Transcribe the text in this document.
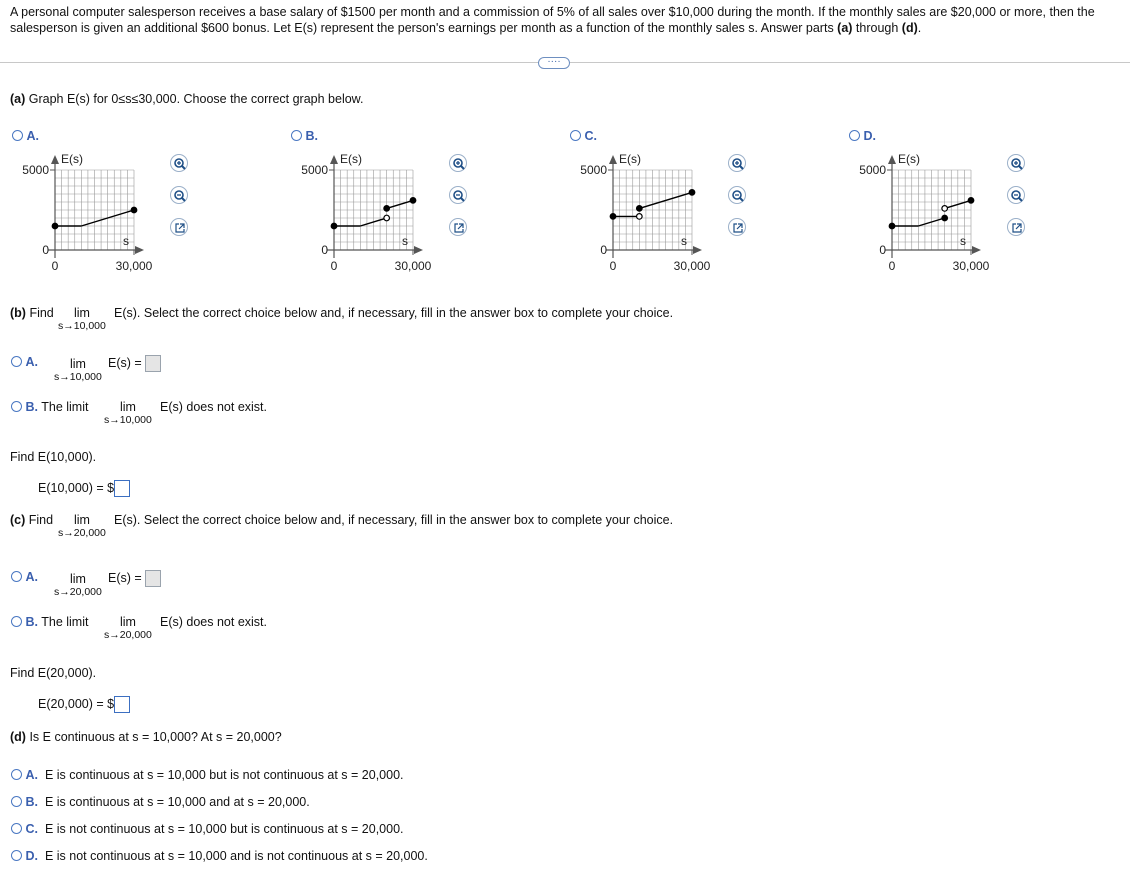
A personal computer salesperson receives a base salary of $1500 per month and a commission of 5% of all sales over $10,000 during the month. If the monthly sales are $20,000 or more, then the salesperson is given an additional $600 bonus. Let E(s) represent the person's earnings per month as a function of the monthly sales s. Answer parts (a) through (d).
····
(a) Graph E(s) for 0≤s≤30,000. Choose the correct graph below.
A.
E(s)
5000
0
0	30,000
s
B.
E(s)
5000
0
0	30,000
s
C.
E(s)
5000
0
0	30,000
s
D.
E(s)
5000
0
0	30,000
s
(b) Find	lim
s→10,000
E(s). Select the correct choice below and, if necessary, fill in the answer box to complete your choice.
A.	lim
s→10,000
E(s) =
B. The limit	lim
s→10,000
E(s) does not exist.
Find E(10,000).
E(10,000) = $
(c) Find	lim
s→20,000
E(s). Select the correct choice below and, if necessary, fill in the answer box to complete your choice.
A.	lim
s→20,000
E(s) =
B. The limit	lim
s→20,000
E(s) does not exist.
Find E(20,000).
E(20,000) = $
(d) Is E continuous at s = 10,000? At s = 20,000?
A. E is continuous at s = 10,000 but is not continuous at s = 20,000.
B. E is continuous at s = 10,000 and at s = 20,000.
C. E is not continuous at s = 10,000 but is continuous at s = 20,000.
D. E is not continuous at s = 10,000 and is not continuous at s = 20,000.
